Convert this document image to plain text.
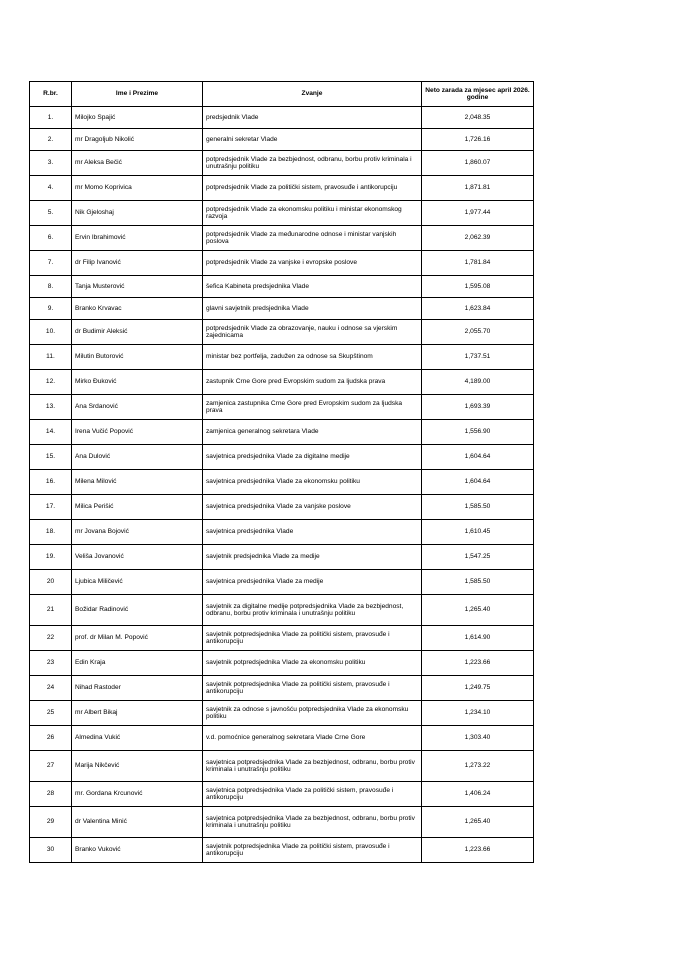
R.br.	Ime i Prezime	Zvanje	Neto zarada za mjesec april 2026. godine
1.	Milojko Spajić	predsjednik Vlade	2,048.35
2.	mr Dragoljub Nikolić	generalni sekretar Vlade	1,726.16
3.	mr Aleksa Bečić	potpredsjednik Vlade za bezbjednost, odbranu, borbu protiv kriminala i unutrašnju politiku	1,860.07
4.	mr Momo Koprivica	potpredsjednik Vlade za politički sistem, pravosuđe i antikorupciju	1,871.81
5.	Nik Gjeloshaj	potpredsjednik Vlade za ekonomsku politiku i ministar ekonomskog razvoja	1,977.44
6.	Ervin Ibrahimović	potpredsjednik Vlade za međunarodne odnose i ministar vanjskih poslova	2,062.39
7.	dr Filip Ivanović	potpredsjednik Vlade za vanjske i evropske poslove	1,781.84
8.	Tanja Musterović	šefica Kabineta predsjednika Vlade	1,595.08
9.	Branko Krvavac	glavni savjetnik predsjednika Vlade	1,623.84
10.	dr Budimir Aleksić	potpredsjednik Vlade za obrazovanje, nauku i odnose sa vjerskim zajednicama	2,055.70
11.	Milutin Butorović	ministar bez portfelja, zadužen za odnose sa Skupštinom	1,737.51
12.	Mirko Đuković	zastupnik Crne Gore pred Evropskim sudom za ljudska prava	4,189.00
13.	Ana Srdanović	zamjenica zastupnika Crne Gore pred Evropskim sudom za ljudska prava	1,693.39
14.	Irena Vučić Popović	zamjenica generalnog sekretara Vlade	1,556.90
15.	Ana Dulović	savjetnica predsjednika Vlade za digitalne medije	1,604.64
16.	Milena Milović	savjetnica predsjednika Vlade za ekonomsku politiku	1,604.64
17.	Milica Perišić	savjetnica predsjednika Vlade za vanjske poslove	1,585.50
18.	mr Jovana Bojović	savjetnica predsjednika Vlade	1,610.45
19.	Veliša Jovanović	savjetnik predsjednika Vlade za medije	1,547.25
20	Ljubica Miličević	savjetnica predsjednika Vlade za medije	1,585.50
21	Božidar Radinović	savjetnik za digitalne medije potpredsjednika Vlade za bezbjednost, odbranu, borbu protiv kriminala i unutrašnju politiku	1,265.40
22	prof. dr Milan M. Popović	savjetnik potpredsjednika Vlade za politički sistem, pravosuđe i antikorupciju	1,614.90
23	Edin Kraja	savjetnik potpredsjednika Vlade za ekonomsku politiku	1,223.66
24	Nihad Rastoder	savjetnik potpredsjednika Vlade za politički sistem, pravosuđe i antikorupciju	1,249.75
25	mr Albert Bikaj	savjetnik za odnose s javnošću potpredsjednika Vlade za ekonomsku politiku	1,234.10
26	Almedina Vukić	v.d. pomoćnice generalnog sekretara Vlade Crne Gore	1,303.40
27	Marija Nikčević	savjetnica potpredsjednika Vlade za bezbjednost, odbranu, borbu protiv kriminala i unutrašnju politiku	1,273.22
28	mr. Gordana Krcunović	savjetnica potpredsjednika Vlade za politički sistem, pravosuđe i antikorupciju	1,406.24
29	dr Valentina Minić	savjetnica potpredsjednika Vlade za bezbjednost, odbranu, borbu protiv kriminala i unutrašnju politiku	1,265.40
30	Branko Vuković	savjetnik potpredsjednika Vlade za politički sistem, pravosuđe i antikorupciju	1,223.66
